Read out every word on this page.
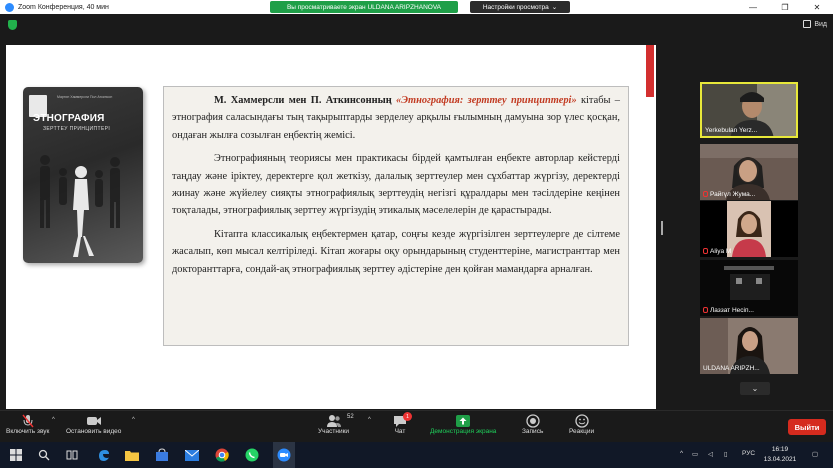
Zoom Конференция, 40 мин	Вы просматриваете экран ULDANA ARIPZHANOVA	Настройки просмотра ⌄	—	❐	✕
Вид
Мартин Хаммерсли Пол Аткинсон
ЭТНОГРАФИЯ
ЗЕРТТЕУ ПРИНЦИПТЕРІ

М. Хаммерсли мен П. Аткинсонның «Этнография: зерттеу принциптері» кітабы – этнография саласындағы тың тақырыптарды зерделеу арқылы ғылымның дамуына зор үлес қосқан, ондаған жылға созылған еңбектің жемісі.

Этнографияның теориясы мен практикасы бірдей қамтылған еңбекте авторлар кейстерді таңдау және іріктеу, деректерге қол жеткізу, далалық зерттеулер мен сұхбаттар жүргізу, деректерді жинау және жүйелеу сияқты этнографиялық зерттеудің негізгі құралдары мен тәсілдеріне кеңінен тоқталады, этнографиялық зерттеу жүргізудің этикалық мәселелерін де қарастырады.

Кітапта классикалық еңбектермен қатар, соңғы кезде жүргізілген зерттеулерге де сілтеме жасалып, көп мысал келтіріледі. Кітап жоғары оқу орындарының студенттеріне, магистранттар мен докторанттарға, сондай-ақ этнографиялық зерттеу әдістеріне ден қойған мамандарға арналған.

Yerkebulan Yerz...
Райгүл Жума...
Aliya M
Лаззат Несіп...
ULDANA ARIPZH...
⌄
Включить звук
^
Остановить видео
^
Участники
52 ^
Чат
1
Демонстрация экрана	Запись	Реакции	Выйти
^ ▭ ◁ ▯ РУС
16:19
13.04.2021
▢
